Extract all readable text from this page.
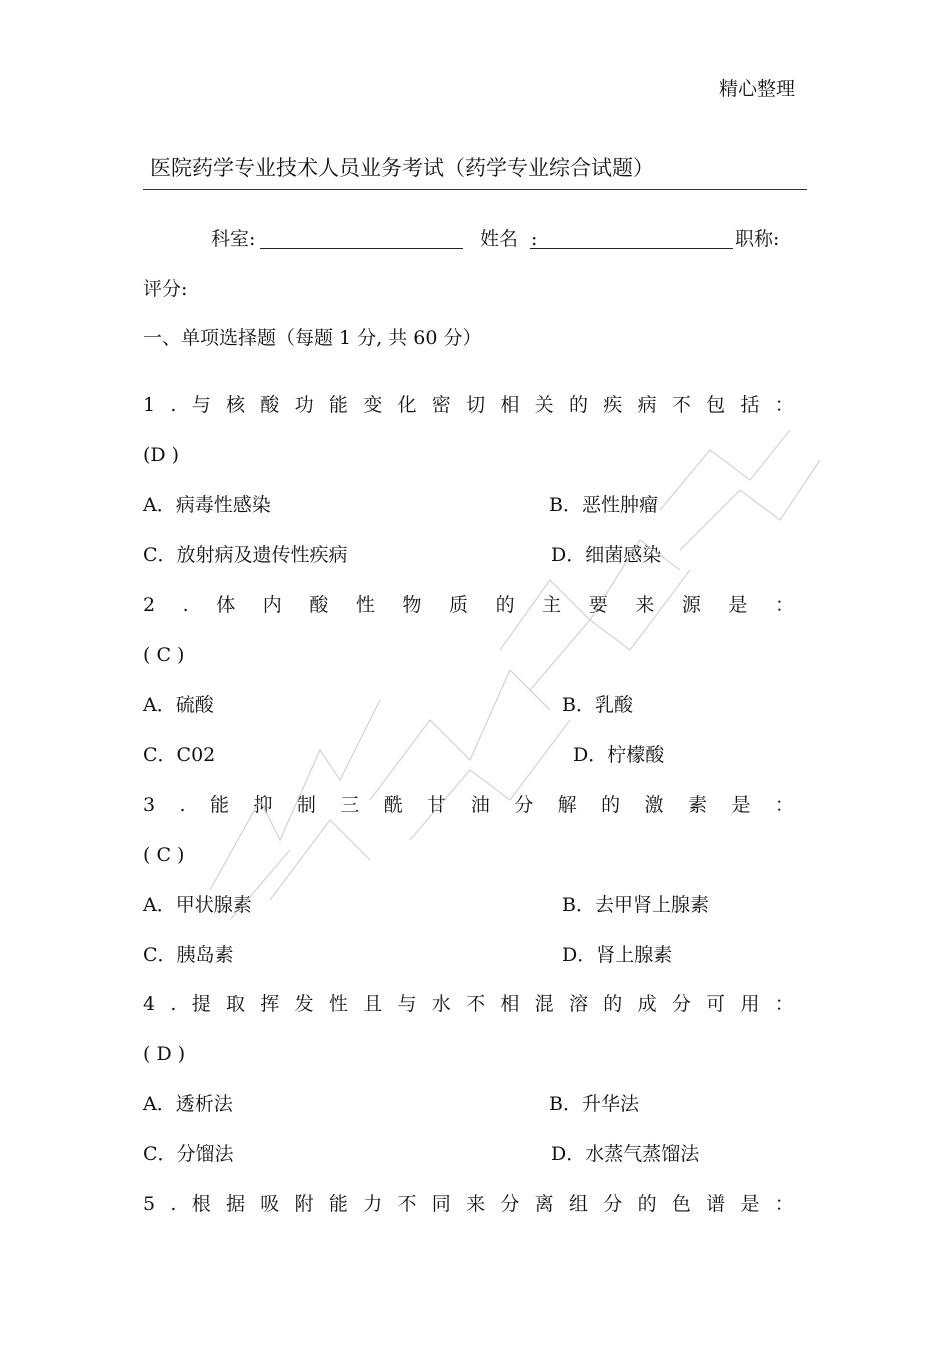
精心整理
医院药学专业技术人员业务考试（药学专业综合试题）
科室:	姓名 :	职称:
评分:
一、单项选择题（每题 1 分, 共 60 分）
1 . 与 核 酸 功 能 变 化 密 切 相 关 的 疾 病 不 包 括 ：
(D )
A．病毒性感染	B．恶性肿瘤
C．放射病及遗传性疾病	D．细菌感染
2 . 体 内 酸 性 物 质 的 主 要 来 源 是 ：
( C )
A．硫酸	B．乳酸
C．C02	D．柠檬酸
3 . 能 抑 制 三 酰 甘 油 分 解 的 激 素 是 ：
( C )
A．甲状腺素	B．去甲肾上腺素
C．胰岛素	D．肾上腺素
4 . 提 取 挥 发 性 且 与 水 不 相 混 溶 的 成 分 可 用 ：
( D )
A．透析法	B．升华法
C．分馏法	D．水蒸气蒸馏法
5 . 根 据 吸 附 能 力 不 同 来 分 离 组 分 的 色 谱 是 ：
